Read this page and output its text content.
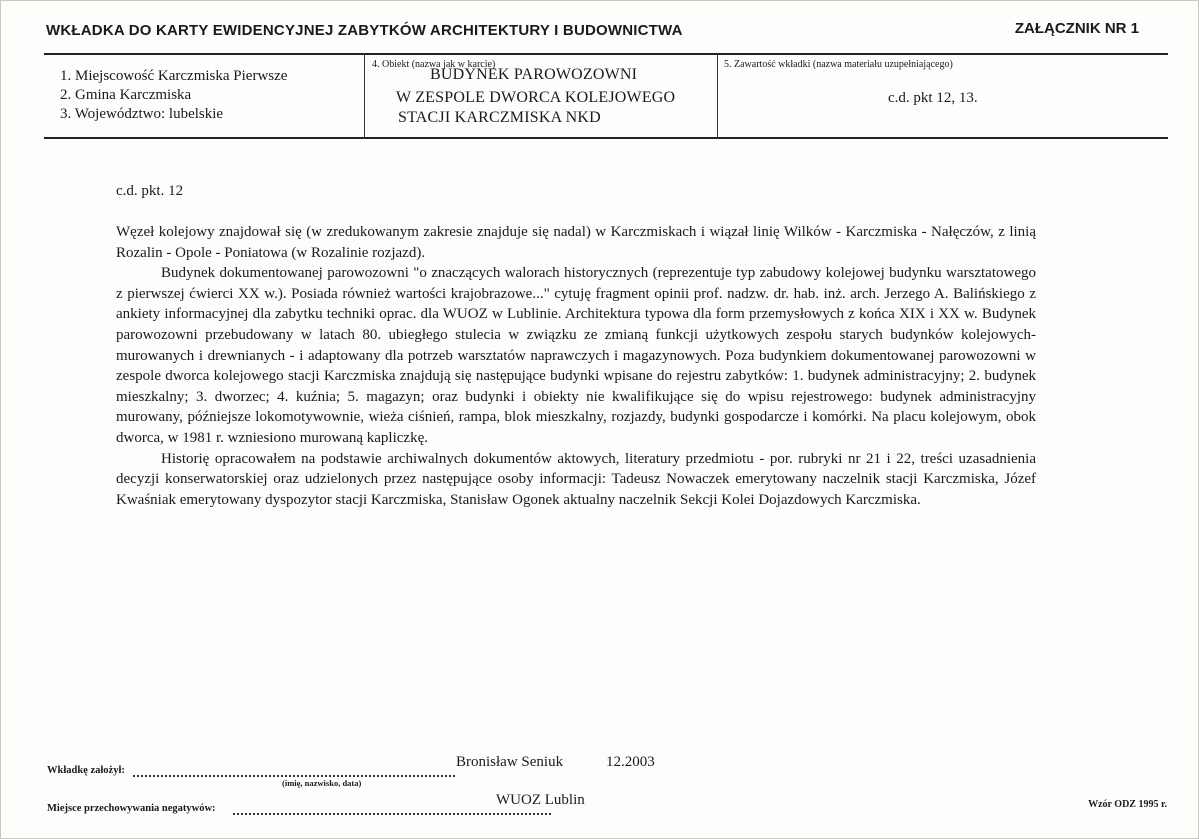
WKŁADKA DO KARTY EWIDENCYJNEJ ZABYTKÓW ARCHITEKTURY I BUDOWNICTWA	ZAŁĄCZNIK NR 1
1. Miejscowość Karczmiska Pierwsze
2. Gmina Karczmiska
3. Województwo: lubelskie
4. Obiekt (nazwa jak w karcie)
BUDYNEK PAROWOZOWNI
W ZESPOLE DWORCA KOLEJOWEGO
STACJI KARCZMISKA NKD
5. Zawartość wkładki (nazwa materiału uzupełniającego)
c.d. pkt 12, 13.
c.d. pkt. 12

Węzeł kolejowy znajdował się (w zredukowanym zakresie znajduje się nadal) w Karczmiskach i wiązał linię Wilków - Karczmiska - Nałęczów, z linią Rozalin - Opole - Poniatowa (w Rozalinie rozjazd).

Budynek dokumentowanej parowozowni "o znaczących walorach historycznych (reprezentuje typ zabudowy kolejowej budynku warsztatowego z pierwszej ćwierci XX w.). Posiada również wartości krajobrazowe..." cytuję fragment opinii prof. nadzw. dr. hab. inż. arch. Jerzego A. Balińskiego z ankiety informacyjnej dla zabytku techniki oprac. dla WUOZ w Lublinie. Architektura typowa dla form przemysłowych z końca XIX i XX w. Budynek parowozowni przebudowany w latach 80. ubiegłego stulecia w związku ze zmianą funkcji użytkowych zespołu starych budynków kolejowych- murowanych i drewnianych - i adaptowany dla potrzeb warsztatów naprawczych i magazynowych. Poza budynkiem dokumentowanej parowozowni w zespole dworca kolejowego stacji Karczmiska znajdują się następujące budynki wpisane do rejestru zabytków: 1. budynek administracyjny; 2. budynek mieszkalny; 3. dworzec; 4. kuźnia; 5. magazyn; oraz budynki i obiekty nie kwalifikujące się do wpisu rejestrowego: budynek administracyjny murowany, późniejsze lokomotywownie, wieża ciśnień, rampa, blok mieszkalny, rozjazdy, budynki gospodarcze i komórki. Na placu kolejowym, obok dworca, w 1981 r. wzniesiono murowaną kapliczkę.

Historię opracowałem na podstawie archiwalnych dokumentów aktowych, literatury przedmiotu - por. rubryki nr 21 i 22, treści uzasadnienia decyzji konserwatorskiej oraz udzielonych przez następujące osoby informacji: Tadeusz Nowaczek emerytowany naczelnik stacji Karczmiska, Józef Kwaśniak emerytowany dyspozytor stacji Karczmiska, Stanisław Ogonek aktualny naczelnik Sekcji Kolei Dojazdowych Karczmiska.

Wkładkę założył:
Bronisław Seniuk	12.2003
(imię, nazwisko, data)
Miejsce przechowywania negatywów:
WUOZ Lublin	Wzór ODZ 1995 r.
